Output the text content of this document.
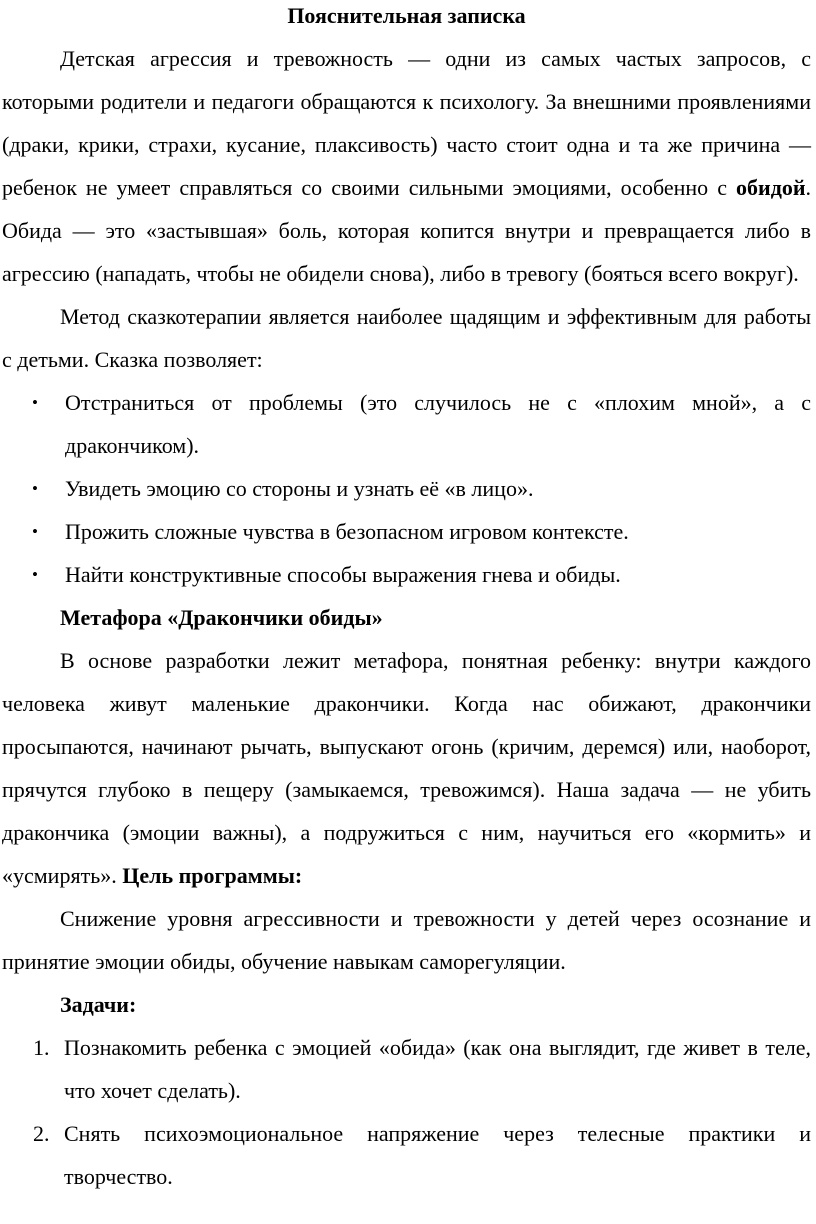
Пояснительная записка

Детская агрессия и тревожность — одни из самых частых запросов, с которыми родители и педагоги обращаются к психологу. За внешними проявлениями (драки, крики, страхи, кусание, плаксивость) часто стоит одна и та же причина — ребенок не умеет справляться со своими сильными эмоциями, особенно с обидой. Обида — это «застывшая» боль, которая копится внутри и превращается либо в агрессию (нападать, чтобы не обидели снова), либо в тревогу (бояться всего вокруг).

Метод сказкотерапии является наиболее щадящим и эффективным для работы с детьми. Сказка позволяет:

• Отстраниться от проблемы (это случилось не с «плохим мной», а с дракончиком).
• Увидеть эмоцию со стороны и узнать её «в лицо».
• Прожить сложные чувства в безопасном игровом контексте.
• Найти конструктивные способы выражения гнева и обиды.

Метафора «Дракончики обиды»

В основе разработки лежит метафора, понятная ребенку: внутри каждого человека живут маленькие дракончики. Когда нас обижают, дракончики просыпаются, начинают рычать, выпускают огонь (кричим, деремся) или, наоборот, прячутся глубоко в пещеру (замыкаемся, тревожимся). Наша задача — не убить дракончика (эмоции важны), а подружиться с ним, научиться его «кормить» и «усмирять». Цель программы:

Снижение уровня агрессивности и тревожности у детей через осознание и принятие эмоции обиды, обучение навыкам саморегуляции.

Задачи:

1. Познакомить ребенка с эмоцией «обида» (как она выглядит, где живет в теле, что хочет сделать).
2. Снять психоэмоциональное напряжение через телесные практики и творчество.
